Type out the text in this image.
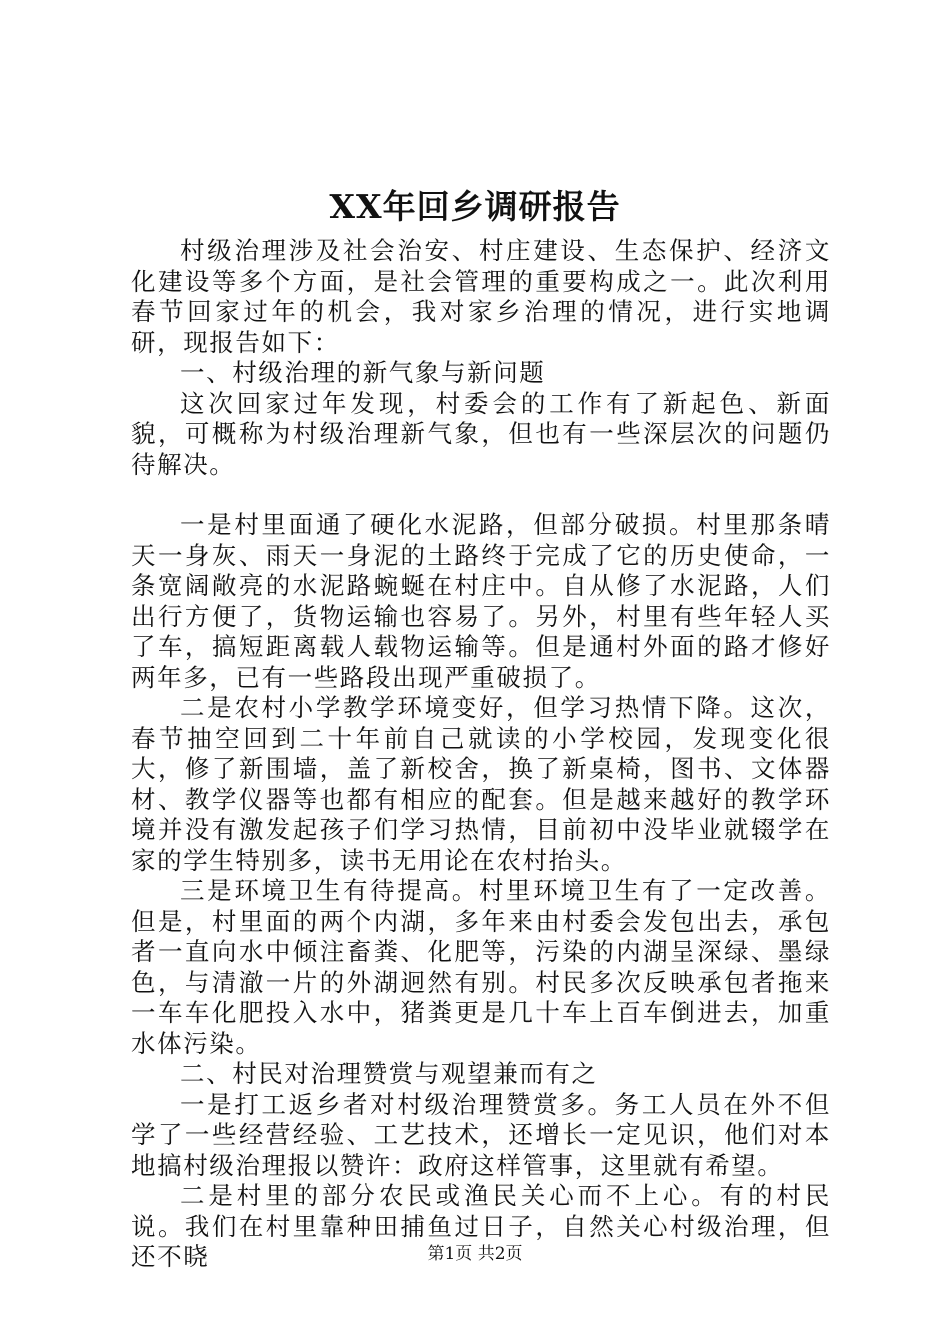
XX年回乡调研报告

村级治理涉及社会治安、村庄建设、生态保护、经济文化建设等多个方面，是社会管理的重要构成之一。此次利用春节回家过年的机会，我对家乡治理的情况，进行实地调研，现报告如下：

一、村级治理的新气象与新问题

这次回家过年发现，村委会的工作有了新起色、新面貌，可概称为村级治理新气象，但也有一些深层次的问题仍待解决。

一是村里面通了硬化水泥路，但部分破损。村里那条晴天一身灰、雨天一身泥的土路终于完成了它的历史使命，一条宽阔敞亮的水泥路蜿蜒在村庄中。自从修了水泥路，人们出行方便了，货物运输也容易了。另外，村里有些年轻人买了车，搞短距离载人载物运输等。但是通村外面的路才修好两年多，已有一些路段出现严重破损了。

二是农村小学教学环境变好，但学习热情下降。这次，春节抽空回到二十年前自己就读的小学校园，发现变化很大，修了新围墙，盖了新校舍，换了新桌椅，图书、文体器材、教学仪器等也都有相应的配套。但是越来越好的教学环境并没有激发起孩子们学习热情，目前初中没毕业就辍学在家的学生特别多，读书无用论在农村抬头。

三是环境卫生有待提高。村里环境卫生有了一定改善。但是，村里面的两个内湖，多年来由村委会发包出去，承包者一直向水中倾注畜粪、化肥等，污染的内湖呈深绿、墨绿色，与清澈一片的外湖迥然有别。村民多次反映承包者拖来一车车化肥投入水中，猪粪更是几十车上百车倒进去，加重水体污染。

二、村民对治理赞赏与观望兼而有之

一是打工返乡者对村级治理赞赏多。务工人员在外不但学了一些经营经验、工艺技术，还增长一定见识，他们对本地搞村级治理报以赞许：政府这样管事，这里就有希望。

二是村里的部分农民或渔民关心而不上心。有的村民说。我们在村里靠种田捕鱼过日子，自然关心村级治理，但还不晓	第1页 共2页
